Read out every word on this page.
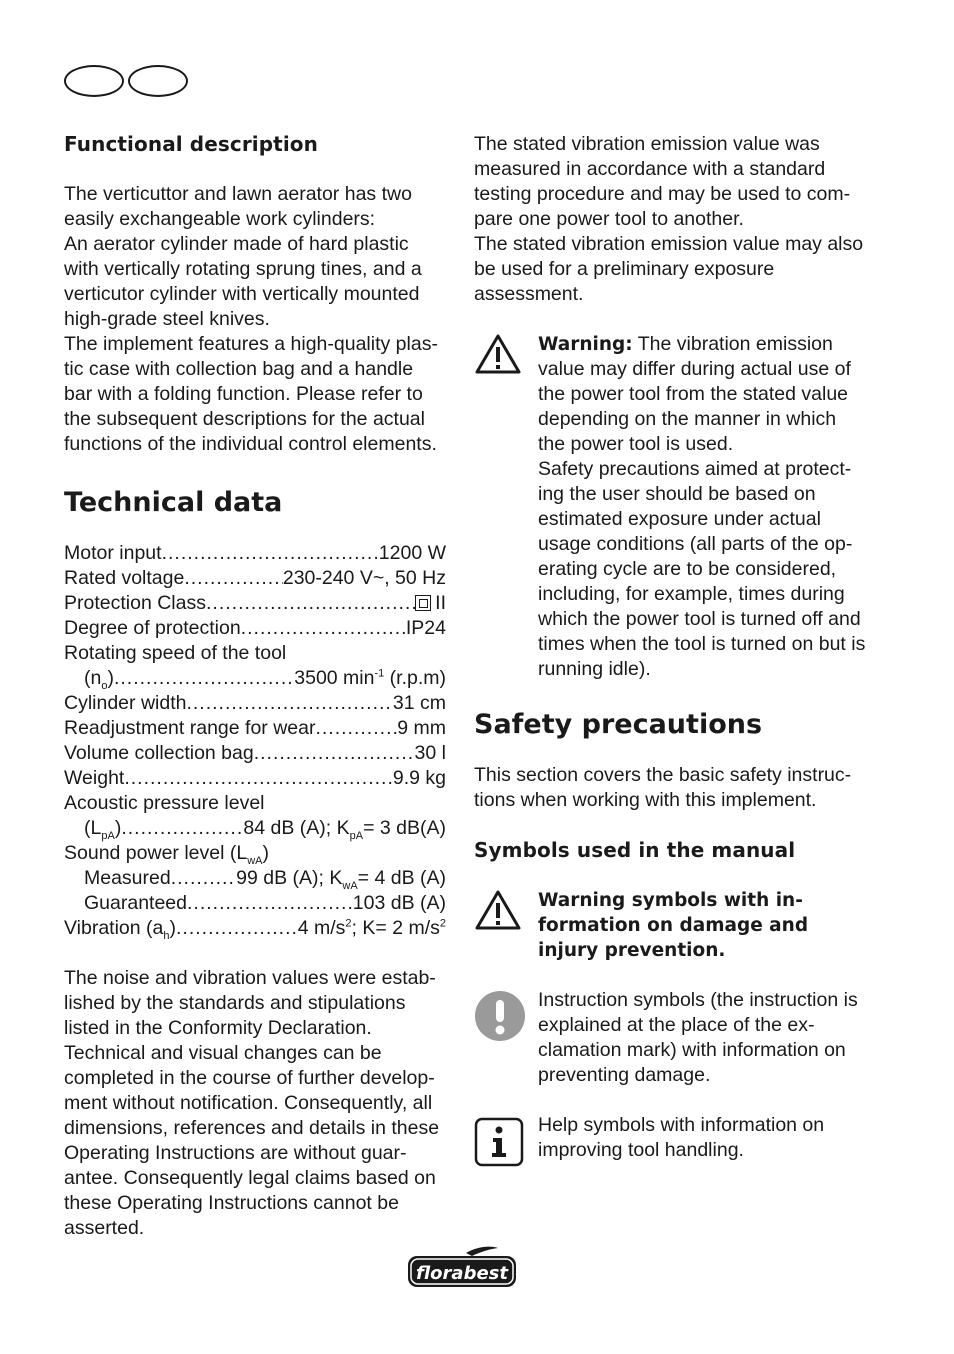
Functional description

The verticuttor and lawn aerator has two easily exchangeable work cylinders:

An aerator cylinder made of hard plastic with vertically rotating sprung tines, and a verticutor cylinder with vertically mounted high-grade steel knives.

The implement features a high-quality plas-tic case with collection bag and a handle bar with a folding function. Please refer to the subsequent descriptions for the actual functions of the individual control elements.

Technical data
Motor input .....	1200 W
Rated voltage .....	230-240 V~, 50 Hz
Protection Class .....	II
Degree of protection .....	IP24
Rotating speed of the tool
$(n_o)$ .....	3500 $\min^{-1} (r.p.m)$
Cylinder width .....	31 cm
Readjustment range for wear .....	9 mm
Volume collection bag .....	30 l
Weight .....	9.9 kg
Acoustic pressure level
$(L_{pA})$ .....	84 dB (A); $K_{pA}= 3$ dB(A)
Sound power level $(L_{wA})$
Measured .....	99 dB (A); $K_{wA}= 4$ dB (A)
Guaranteed .....	103 dB (A)
Vibration $(a_h)$ .....	4 $m/s^2$; K= 2 $m/s^2$

The noise and vibration values were estab-lished by the standards and stipulations listed in the Conformity Declaration.

Technical and visual changes can be completed in the course of further develop-ment without notification. Consequently, all dimensions, references and details in these Operating Instructions are without guar-antee. Consequently legal claims based on these Operating Instructions cannot be asserted.

The stated vibration emission value was measured in accordance with a standard testing procedure and may be used to com-pare one power tool to another.

The stated vibration emission value may also be used for a preliminary exposure assessment.

Warning: The vibration emission value may differ during actual use of the power tool from the stated value depending on the manner in which the power tool is used.

Safety precautions aimed at protect-ing the user should be based on estimated exposure under actual usage conditions (all parts of the op-erating cycle are to be considered, including, for example, times during which the power tool is turned off and times when the tool is turned on but is running idle).

Safety precautions

This section covers the basic safety instruc-tions when working with this implement.

Symbols used in the manual

Warning symbols with in-formation on damage and injury prevention.

Instruction symbols (the instruction is explained at the place of the ex-clamation mark) with information on preventing damage.

Help symbols with information on improving tool handling.

florabest
